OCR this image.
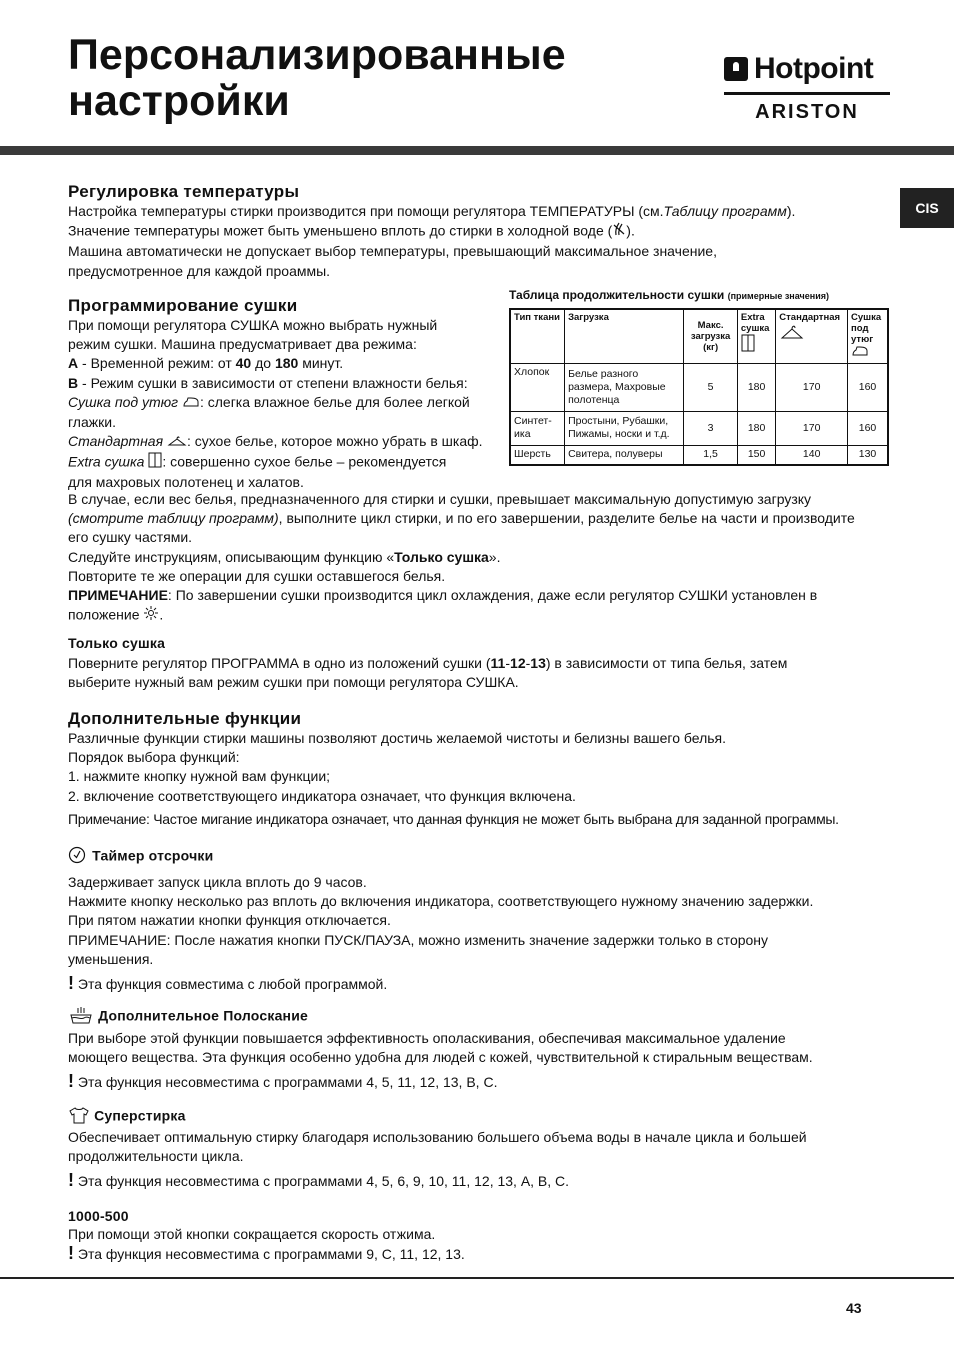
Персонализированные
настройки
Hotpoint
ARISTON
CIS
Регулировка температуры

Настройка температуры стирки производится при помощи регулятора ТЕМПЕРАТУРЫ (см.Таблицу программ).

Значение температуры может быть уменьшено вплоть до стирки в холодной воде ( ).

Машина автоматически не допускает выбор температуры, превышающий максимальное значение,

предусмотренное для каждой проаммы.

Программирование сушки

При помощи регулятора СУШКА можно выбрать нужный

режим сушки. Машина предусматривает два режима:

А - Временной режим: от 40 до 180 минут.

В - Режим сушки в зависимости от степени влажности белья:

Сушка под утюг : слегка влажное белье для более легкой

глажки.

Стандартная : сухое белье, которое можно убрать в шкаф.

Extra сушка : совершенно сухое белье – рекомендуется

для махровых полотенец и халатов.

Таблица продолжительности сушки (примерные значения)
Тип ткани	Загрузка	Макс. загрузка (кг)	Extra сушка	Стандартная	Сушка под утюг

Хлопок	Белье разного размера, Махровые полотенца	5	180	170	160
Синтет-ика	Простыни, Рубашки, Пижамы, носки и т.д.	3	180	170	160
Шерсть	Свитера, полуверы	1,5	150	140	130

В случае, если вес белья, предназначенного для стирки и сушки, превышает максимальную допустимую загрузку

(смотрите таблицу программ), выполните цикл стирки, и по его завершении, разделите белье на части и производите

его сушку частями.

Следуйте инструкциям, описывающим функцию «Только сушка».

Повторите те же операции для сушки оставшегося белья.

ПРИМЕЧАНИЕ: По завершении сушки производится цикл охлаждения, даже если регулятор СУШКИ установлен в

положение .

Только сушка

Поверните регулятор ПРОГРАММА в одно из положений сушки (11-12-13) в зависимости от типа белья, затем

выберите нужный вам режим сушки при помощи регулятора СУШКА.

Дополнительные функции

Различные функции стирки машины позволяют достичь желаемой чистоты и белизны вашего белья.

Порядок выбора функций:

1. нажмите кнопку нужной вам функции;

2. включение соответствующего индикатора означает, что функция включена.

Примечание: Частое мигание индикатора означает, что данная функция не может быть выбрана для заданной программы.

Таймер отсрочки

Задерживает запуск цикла вплоть до 9 часов.

Нажмите кнопку несколько раз вплоть до включения индикатора, соответствующего нужному значению задержки.

При пятом нажатии кнопки функция отключается.

ПРИМЕЧАНИЕ: После нажатия кнопки ПУСК/ПАУЗА, можно изменить значение задержки только в сторону

уменьшения.

! Эта функция совместима с любой программой.

Дополнительное Полоскание

При выборе этой функции повышается эффективность ополаскивания, обеспечивая максимальное удаление

моющего вещества. Эта функция особенно удобна для людей с кожей, чувствительной к стиральным веществам.

! Эта функция несовместима с программами 4, 5, 11, 12, 13, В, С.

Суперстирка

Обеспечивает оптимальную стирку благодаря использованию большего объема воды в начале цикла и большей

продолжительности цикла.

! Эта функция несовместима с программами 4, 5, 6, 9, 10, 11, 12, 13, А, В, С.

1000-500

При помощи этой кнопки сокращается скорость отжима.

! Эта функция несовместима с программами 9, С, 11, 12, 13.

43
